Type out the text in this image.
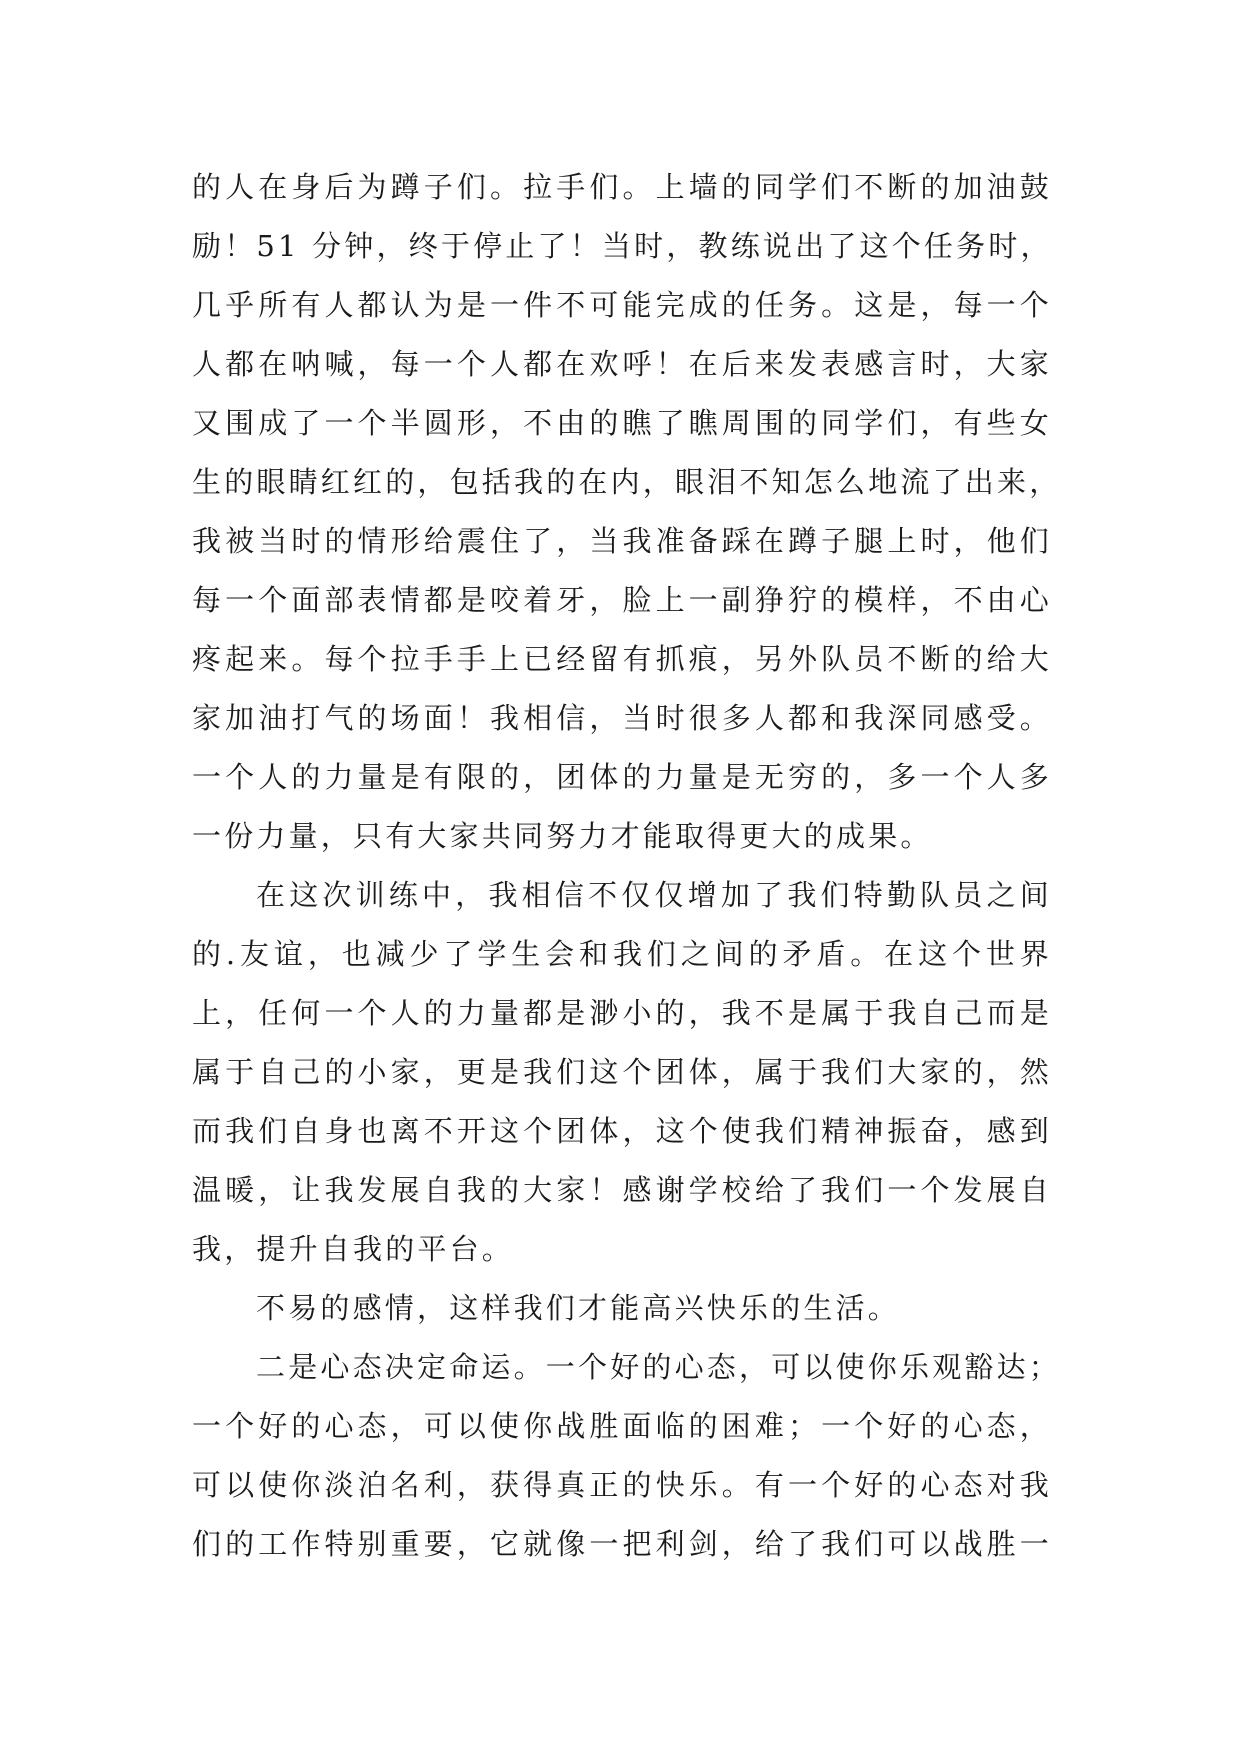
的人在身后为蹲子们。拉手们。上墙的同学们不断的加油鼓
励！51 分钟，终于停止了！当时，教练说出了这个任务时，
几乎所有人都认为是一件不可能完成的任务。这是，每一个
人都在呐喊，每一个人都在欢呼！在后来发表感言时，大家
又围成了一个半圆形，不由的瞧了瞧周围的同学们，有些女
生的眼睛红红的，包括我的在内，眼泪不知怎么地流了出来，
我被当时的情形给震住了，当我准备踩在蹲子腿上时，他们
每一个面部表情都是咬着牙，脸上一副狰狞的模样，不由心
疼起来。每个拉手手上已经留有抓痕，另外队员不断的给大
家加油打气的场面！我相信，当时很多人都和我深同感受。
一个人的力量是有限的，团体的力量是无穷的，多一个人多
一份力量，只有大家共同努力才能取得更大的成果。
在这次训练中，我相信不仅仅增加了我们特勤队员之间
的.友谊，也减少了学生会和我们之间的矛盾。在这个世界
上，任何一个人的力量都是渺小的，我不是属于我自己而是
属于自己的小家，更是我们这个团体，属于我们大家的，然
而我们自身也离不开这个团体，这个使我们精神振奋，感到
温暖，让我发展自我的大家！感谢学校给了我们一个发展自
我，提升自我的平台。
不易的感情，这样我们才能高兴快乐的生活。
二是心态决定命运。一个好的心态，可以使你乐观豁达；
一个好的心态，可以使你战胜面临的困难；一个好的心态，
可以使你淡泊名利，获得真正的快乐。有一个好的心态对我
们的工作特别重要，它就像一把利剑，给了我们可以战胜一
